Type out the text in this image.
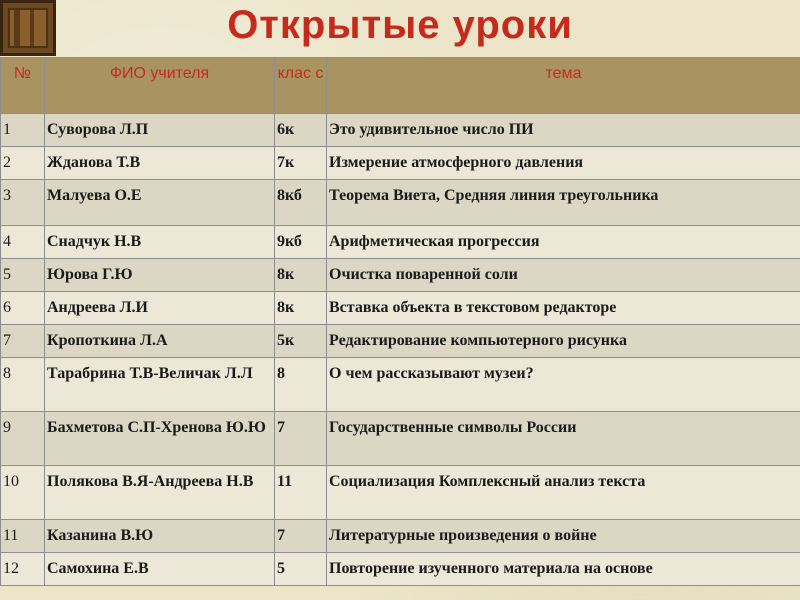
Открытые уроки
№	ФИО учителя	клас с	тема
1	Суворова Л.П	6к	Это удивительное число ПИ
2	Жданова Т.В	7к	Измерение атмосферного давления
3	Малуева О.Е	8кб	Теорема Виета, Средняя линия треугольника
4	Снадчук Н.В	9кб	Арифметическая прогрессия
5	Юрова Г.Ю	8к	Очистка поваренной соли
6	Андреева Л.И	8к	Вставка объекта в текстовом редакторе
7	Кропоткина Л.А	5к	Редактирование компьютерного рисунка
8	Тарабрина Т.В-Величак Л.Л	8	О чем рассказывают музеи?
9	Бахметова С.П-Хренова Ю.Ю	7	Государственные символы России
10	Полякова В.Я-Андреева Н.В	11	Социализация Комплексный анализ текста
11	Казанина В.Ю	7	Литературные произведения о войне
12	Самохина Е.В	5	Повторение изученного материала на основе
